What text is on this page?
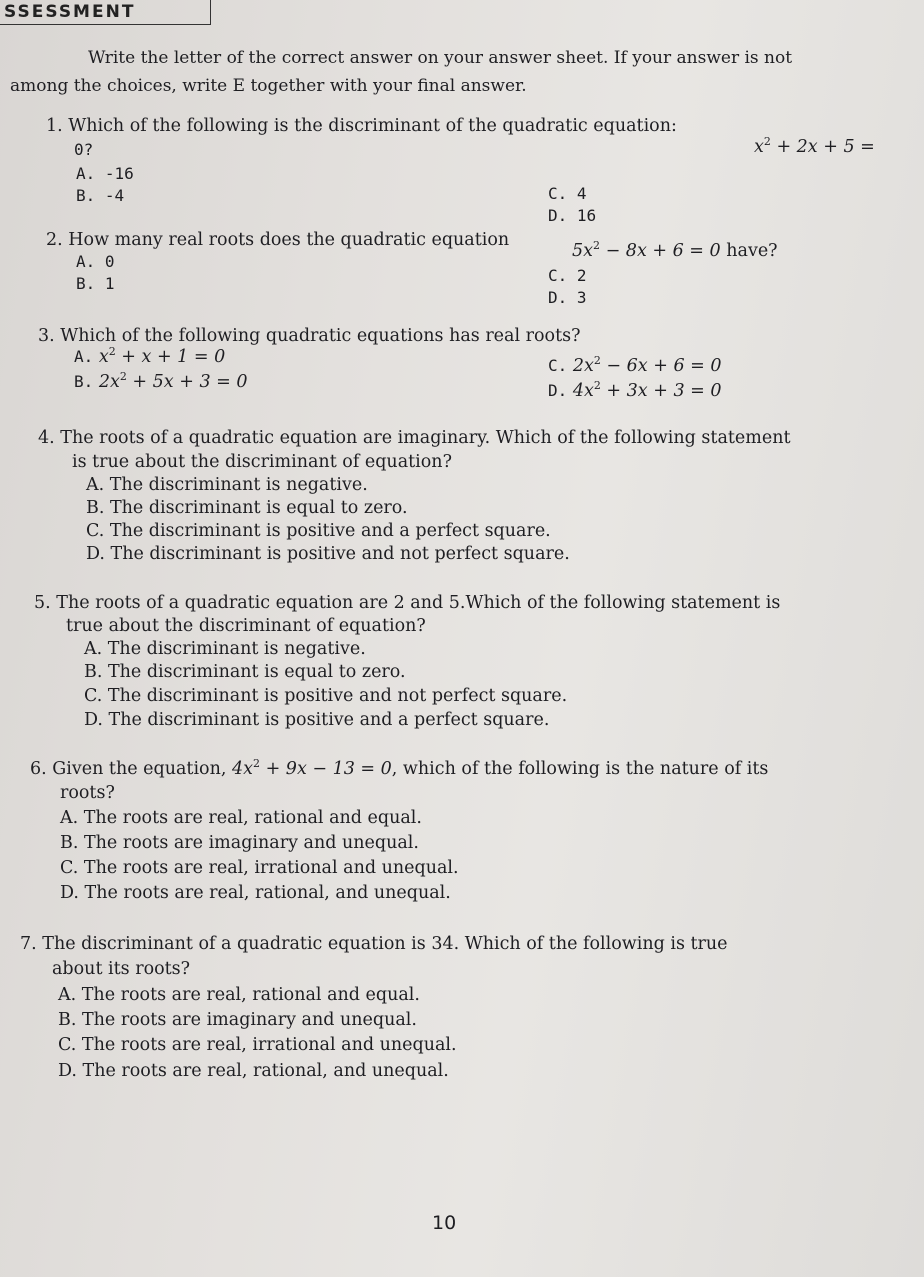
SSESSMENT
Write the letter of the correct answer on your answer sheet. If your answer is not
among the choices, write E together with your final answer.
1. Which of the following is the discriminant of the quadratic equation:
$x^2 + 2x + 5$ =
0?
A. -16
B. -4	C. 4
D. 16
2. How many real roots does the quadratic equation
$5x^2 - 8x + 6 = 0$ have?
A. 0
B. 1	C. 2
D. 3
3. Which of the following quadratic equations has real roots?
A. $x^2 + x + 1 = 0$
B. $2x^2 + 5x + 3 = 0$
C. $2x^2 - 6x + 6 = 0$
D. $4x^2 + 3x + 3 = 0$
4. The roots of a quadratic equation are imaginary. Which of the following statement
is true about the discriminant of equation?
A. The discriminant is negative.
B. The discriminant is equal to zero.
C. The discriminant is positive and a perfect square.
D. The discriminant is positive and not perfect square.
5. The roots of a quadratic equation are 2 and 5.Which of the following statement is
true about the discriminant of equation?
A. The discriminant is negative.
B. The discriminant is equal to zero.
C. The discriminant is positive and not perfect square.
D. The discriminant is positive and a perfect square.
6. Given the equation, $4x^2 + 9x - 13 = 0$, which of the following is the nature of its
roots?
A. The roots are real, rational and equal.
B. The roots are imaginary and unequal.
C. The roots are real, irrational and unequal.
D. The roots are real, rational, and unequal.
7. The discriminant of a quadratic equation is 34. Which of the following is true
about its roots?
A. The roots are real, rational and equal.
B. The roots are imaginary and unequal.
C. The roots are real, irrational and unequal.
D. The roots are real, rational, and unequal.
10
